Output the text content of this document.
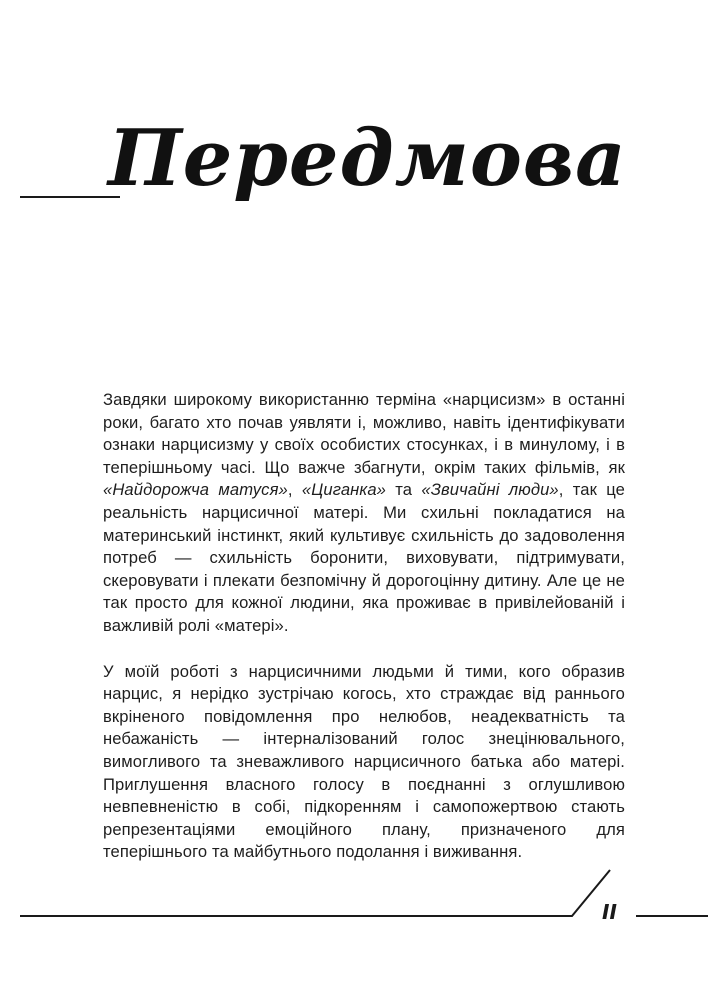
Передмова

Завдяки широкому використанню терміна «нарцисизм» в останні роки, багато хто почав уявляти і, можливо, навіть ідентифікувати ознаки нарцисизму у своїх особистих стосунках, і в минулому, і в теперішньому часі. Що важче збагнути, окрім таких фільмів, як «Найдорожча матуся», «Циганка» та «Звичайні люди», так це реальність нарцисичної матері. Ми схильні покладатися на материнський інстинкт, який культивує схильність до задоволення потреб — схильність боронити, виховувати, підтримувати, скеровувати і плекати безпомічну й дорогоцінну дитину. Але це не так просто для кожної людини, яка проживає в привілейованій і важливій ролі «матері».

У моїй роботі з нарцисичними людьми й тими, кого образив нарцис, я нерідко зустрічаю когось, хто страждає від раннього вкріненого повідомлення про нелюбов, неадекватність та небажаність — інтерналізований голос знецінювального, вимогливого та зневажливого нарцисичного батька або матері. Приглушення власного голосу в поєднанні з оглушливою невпевненістю в собі, підкоренням і самопожертвою стають репрезентаціями емоційного плану, призначеного для теперішнього та майбутнього подолання і виживання.

II
